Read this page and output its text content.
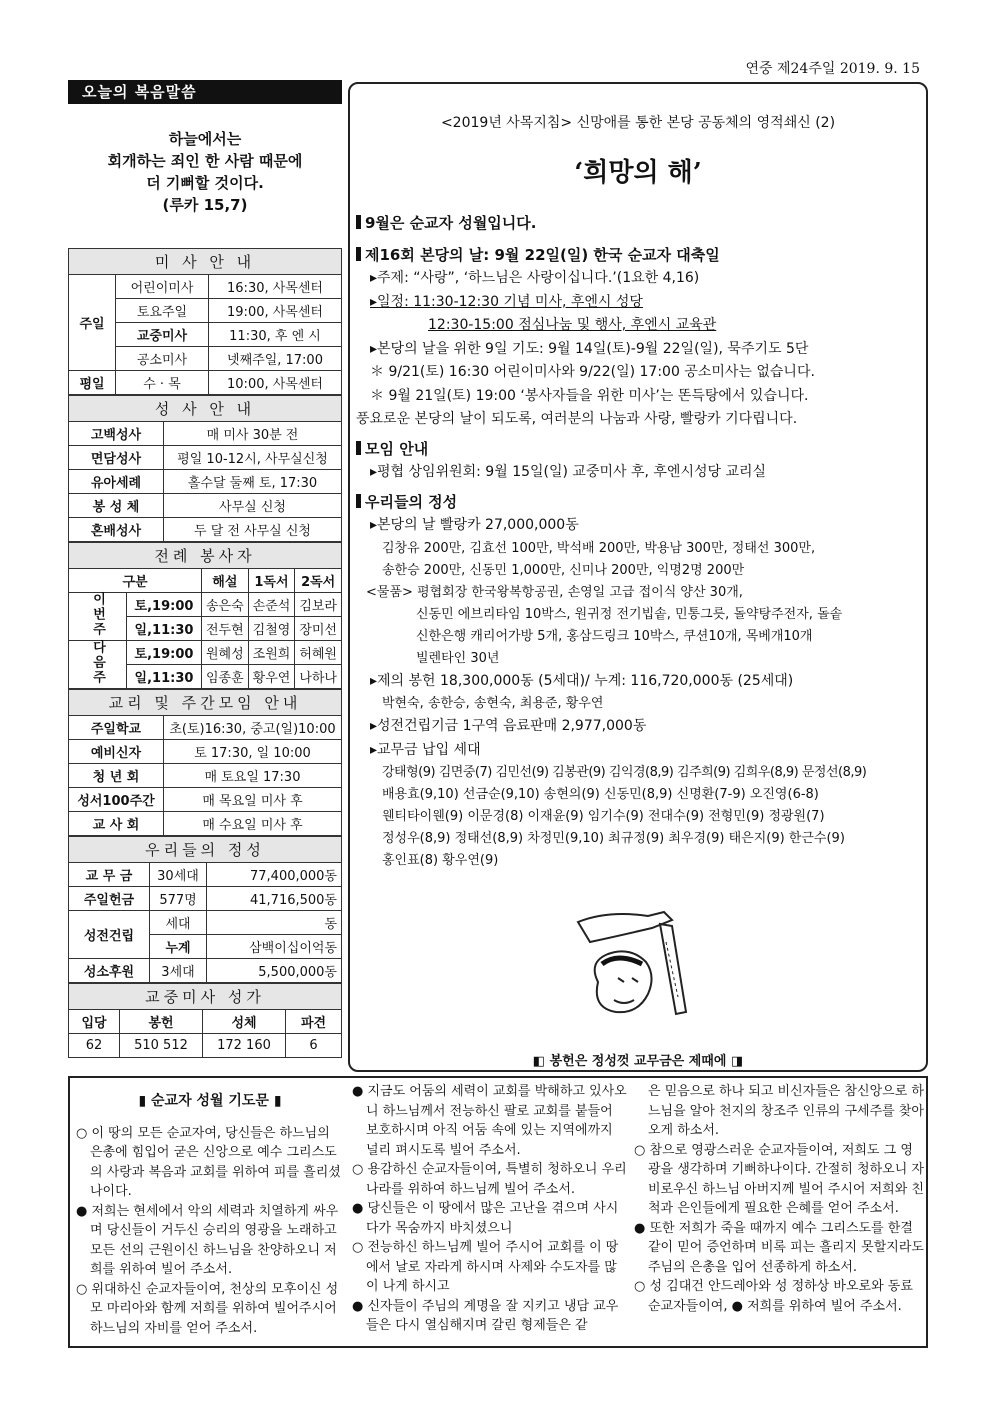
연중 제24주일 2019. 9. 15
오늘의 복음말씀
하늘에서는
회개하는 죄인 한 사람 때문에
더 기뻐할 것이다.
(루카 15,7)
미 사 안 내		
주일	어린이미사	16:30, 사목센터
	토요주일	19:00, 사목센터
	교중미사	11:30, 후 엔 시
	공소미사	넷째주일, 17:00
평일	수 · 목	10:00, 사목센터
성 사 안 내	
고백성사	매 미사 30분 전
면담성사	평일 10-12시, 사무실신청
유아세례	홀수달 둘째 토, 17:30
봉 성 체	사무실 신청
혼배성사	두 달 전 사무실 신청
전례 봉사자				
구분		해설	1독서	2독서
이번주	토,19:00	송은숙	손준석	김보라
	일,11:30	전두현	김철영	장미선
다음주	토,19:00	원혜성	조원희	허혜원
	일,11:30	임종훈	황우연	나하나
교리 및 주간모임 안내	
주일학교	초(토)16:30, 중고(일)10:00
예비신자	토 17:30, 일 10:00
청 년 회	매 토요일 17:30
성서100주간	매 목요일 미사 후
교 사 회	매 수요일 미사 후
우리들의 정성		
교 무 금	30세대	77,400,000동
주일헌금	577명	41,716,500동
성전건립	세대	동
	누계	삼백이십이억동
성소후원	3세대	5,500,000동
교중미사 성가			
입당	봉헌	성체	파견
62	510 512	172 160	6
<2019년 사목지침> 신망애를 통한 본당 공동체의 영적쇄신 (2)
‘희망의 해’
9월은 순교자 성월입니다.
제16회 본당의 날: 9월 22일(일) 한국 순교자 대축일
▸주제: “사랑”, ‘하느님은 사랑이십니다.’(1요한 4,16)
▸일정: 11:30-12:30 기념 미사, 후엔시 성당
12:30-15:00 점심나눔 및 행사, 후엔시 교육관
▸본당의 날을 위한 9일 기도: 9월 14일(토)-9월 22일(일), 묵주기도 5단
＊ 9/21(토) 16:30 어린이미사와 9/22(일) 17:00 공소미사는 없습니다.
＊ 9월 21일(토) 19:00 ‘봉사자들을 위한 미사’는 똔득탕에서 있습니다.
풍요로운 본당의 날이 되도록, 여러분의 나눔과 사랑, 빨랑카 기다립니다.
모임 안내
▸평협 상임위원회: 9월 15일(일) 교중미사 후, 후엔시성당 교리실
우리들의 정성
▸본당의 날 빨랑카 27,000,000동
김창유 200만, 김효선 100만, 박석배 200만, 박용남 300만, 정태선 300만,
송한승 200만, 신동민 1,000만, 신미나 200만, 익명2명 200만
<물품> 평협회장 한국왕복항공권, 손영일 고급 접이식 양산 30개,
신동민 에브리타임 10박스, 원귀정 전기빕솥, 민통그릇, 돌약탕주전자, 돌솥
신한은행 캐리어가방 5개, 홍삼드링크 10박스, 쿠션10개, 목베개10개
빌렌타인 30년
▸제의 봉헌 18,300,000동 (5세대)/ 누계: 116,720,000동 (25세대)
박현숙, 송한승, 송현숙, 최용준, 황우연
▸성전건립기금 1구역 음료판매 2,977,000동
▸교무금 납입 세대
강태형(9) 김면중(7) 김민선(9) 김봉관(9) 김익경(8,9) 김주희(9) 김희우(8,9) 문정선(8,9)
배용효(9,10) 선금순(9,10) 송현의(9) 신동민(8,9) 신명환(7-9) 오진영(6-8)
웬티타이웬(9) 이문경(8) 이재윤(9) 임기수(9) 전대수(9) 전형민(9) 정광원(7)
정성우(8,9) 정태선(8,9) 차정민(9,10) 최규정(9) 최우경(9) 태은지(9) 한근수(9)
홍인표(8) 황우연(9)
◧ 봉헌은 정성껏 교무금은 제때에 ◨
▮ 순교자 성월 기도문 ▮
○ 이 땅의 모든 순교자여, 당신들은 하느님의 은총에 힘입어 굳은 신앙으로 예수 그리스도의 사랑과 복음과 교회를 위하여 피를 흘리셨나이다.
● 저희는 현세에서 악의 세력과 치열하게 싸우며 당신들이 거두신 승리의 영광을 노래하고 모든 선의 근원이신 하느님을 찬양하오니 저희를 위하여 빌어 주소서.
○ 위대하신 순교자들이여, 천상의 모후이신 성모 마리아와 함께 저희를 위하여 빌어주시어 하느님의 자비를 얻어 주소서.
● 지금도 어둠의 세력이 교회를 박해하고 있사오니 하느님께서 전능하신 팔로 교회를 붙들어 보호하시며 아직 어둠 속에 있는 지역에까지 널리 펴시도록 빌어 주소서.
○ 용감하신 순교자들이여, 특별히 청하오니 우리나라를 위하여 하느님께 빌어 주소서.
● 당신들은 이 땅에서 많은 고난을 겪으며 사시다가 목숨까지 바치셨으니
○ 전능하신 하느님께 빌어 주시어 교회를 이 땅에서 날로 자라게 하시며 사제와 수도자를 많이 나게 하시고
● 신자들이 주님의 계명을 잘 지키고 냉담 교우들은 다시 열심해지며 갈린 형제들은 같
은 믿음으로 하나 되고 비신자들은 참신앙으로 하느님을 알아 천지의 창조주 인류의 구세주를 찾아오게 하소서.
○ 참으로 영광스러운 순교자들이여, 저희도 그 영광을 생각하며 기뻐하나이다. 간절히 청하오니 자비로우신 하느님 아버지께 빌어 주시어 저희와 친척과 은인들에게 필요한 은혜를 얻어 주소서.
● 또한 저희가 죽을 때까지 예수 그리스도를 한결같이 믿어 증언하며 비록 피는 흘리지 못할지라도 주님의 은총을 입어 선종하게 하소서.
○ 성 김대건 안드레아와 성 정하상 바오로와 동료 순교자들이여, ● 저희를 위하여 빌어 주소서.
